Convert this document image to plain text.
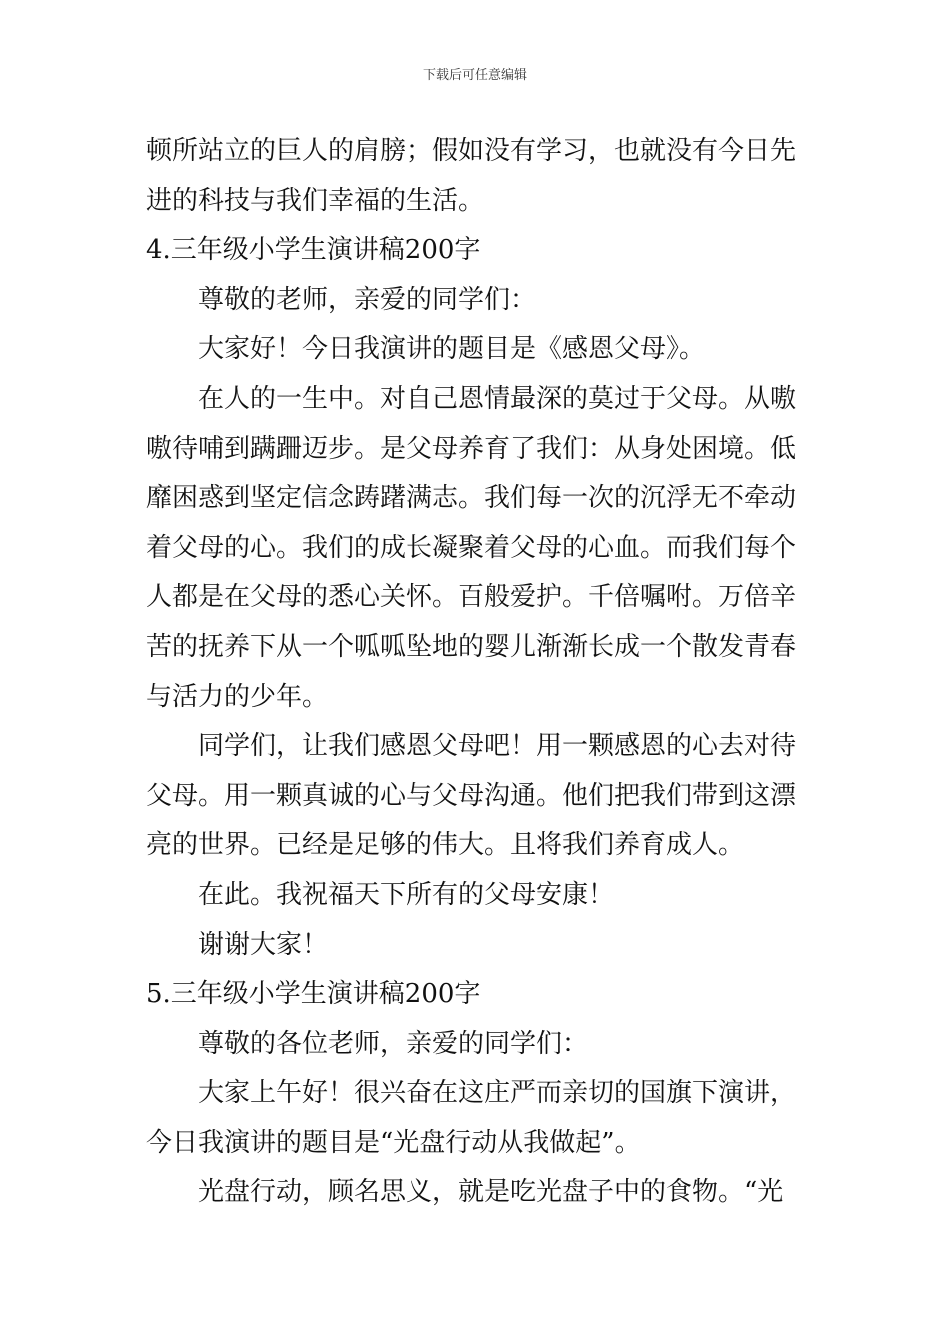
下载后可任意编辑
顿所站立的巨人的肩膀；假如没有学习，也就没有今日先
进的科技与我们幸福的生活。
4.三年级小学生演讲稿200字
尊敬的老师，亲爱的同学们：
大家好！今日我演讲的题目是《感恩父母》。
在人的一生中。对自己恩情最深的莫过于父母。从嗷
嗷待哺到蹒跚迈步。是父母养育了我们：从身处困境。低
靡困惑到坚定信念踌躇满志。我们每一次的沉浮无不牵动
着父母的心。我们的成长凝聚着父母的心血。而我们每个
人都是在父母的悉心关怀。百般爱护。千倍嘱咐。万倍辛
苦的抚养下从一个呱呱坠地的婴儿渐渐长成一个散发青春
与活力的少年。
同学们，让我们感恩父母吧！用一颗感恩的心去对待
父母。用一颗真诚的心与父母沟通。他们把我们带到这漂
亮的世界。已经是足够的伟大。且将我们养育成人。
在此。我祝福天下所有的父母安康！
谢谢大家！
5.三年级小学生演讲稿200字
尊敬的各位老师，亲爱的同学们：
大家上午好！很兴奋在这庄严而亲切的国旗下演讲，
今日我演讲的题目是“光盘行动从我做起”。
光盘行动，顾名思义，就是吃光盘子中的食物。“光
